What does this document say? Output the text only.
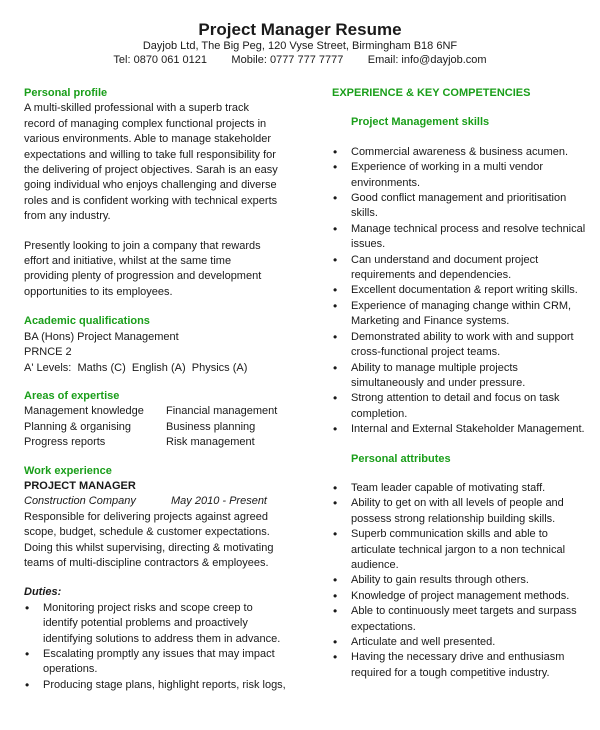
Project Manager Resume
Dayjob Ltd, The Big Peg, 120 Vyse Street, Birmingham B18 6NF
Tel: 0870 061 0121        Mobile: 0777 777 7777        Email: info@dayjob.com
Personal profile

A multi-skilled professional with a superb track

record of managing complex functional projects in

various environments. Able to manage stakeholder

expectations and willing to take full responsibility for

the delivering of project objectives. Sarah is an easy

going individual who enjoys challenging and diverse

roles and is confident working with technical experts

from any industry.

Presently looking to join a company that rewards

effort and initiative, whilst at the same time

providing plenty of progression and development

opportunities to its employees.

Academic qualifications

BA (Hons) Project Management

PRNCE 2

A' Levels:  Maths (C)  English (A)  Physics (A)

Areas of expertise
Management knowledge	Financial management
Planning & organising	Business planning
Progress reports	Risk management
Work experience
PROJECT MANAGER
Construction Company	May 2010 - Present

Responsible for delivering projects against agreed

scope, budget, schedule & customer expectations.

Doing this whilst supervising, directing & motivating

teams of multi-discipline contractors & employees.

Duties:

• Monitoring project risks and scope creep to

identify potential problems and proactively

identifying solutions to address them in advance.

• Escalating promptly any issues that may impact

operations.

• Producing stage plans, highlight reports, risk logs,

EXPERIENCE & KEY COMPETENCIES
Project Management skills

• Commercial awareness & business acumen.

• Experience of working in a multi vendor

environments.

• Good conflict management and prioritisation

skills.

• Manage technical process and resolve technical

issues.

• Can understand and document project

requirements and dependencies.

• Excellent documentation & report writing skills.

• Experience of managing change within CRM,

Marketing and Finance systems.

• Demonstrated ability to work with and support

cross-functional project teams.

• Ability to manage multiple projects

simultaneously and under pressure.

• Strong attention to detail and focus on task

completion.

• Internal and External Stakeholder Management.

Personal attributes

• Team leader capable of motivating staff.

• Ability to get on with all levels of people and

possess strong relationship building skills.

• Superb communication skills and able to

articulate technical jargon to a non technical

audience.

• Ability to gain results through others.

• Knowledge of project management methods.

• Able to continuously meet targets and surpass

expectations.

• Articulate and well presented.

• Having the necessary drive and enthusiasm

required for a tough competitive industry.
